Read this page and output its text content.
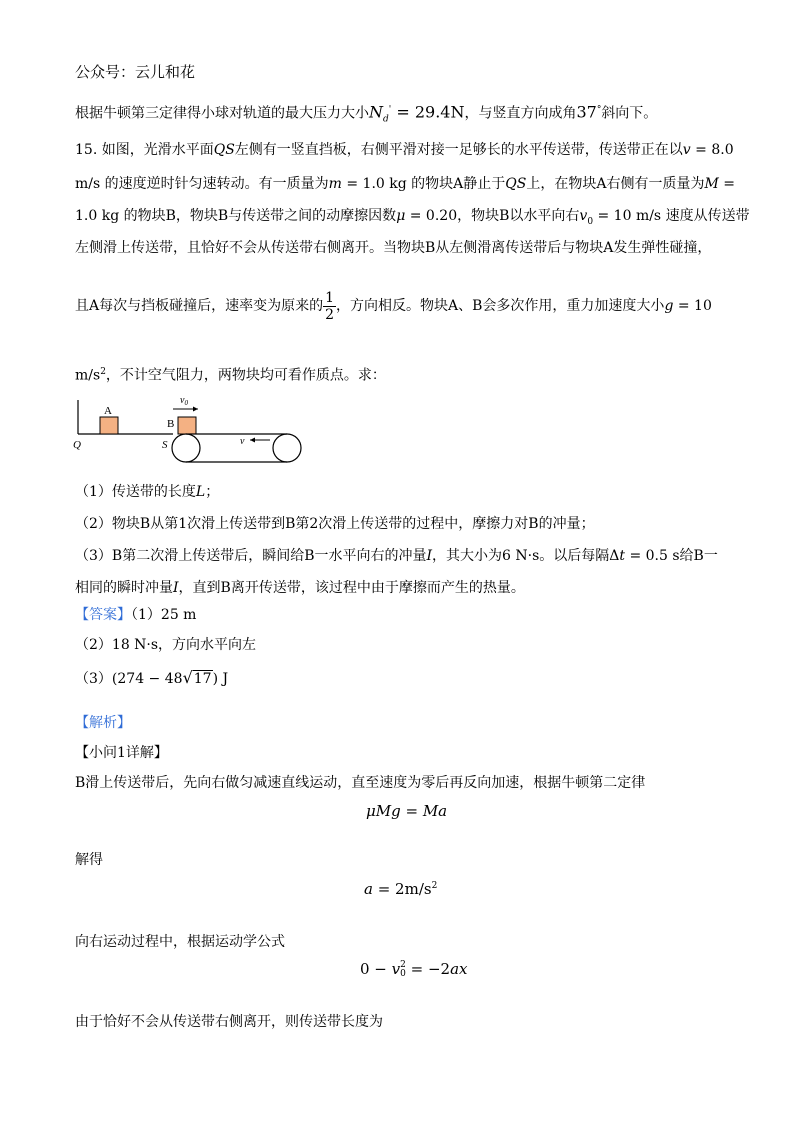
公众号：云儿和花
根据牛顿第三定律得小球对轨道的最大压力大小$N_d' = 29.4N$，与竖直方向成角37°斜向下。
15. 如图，光滑水平面QS左侧有一竖直挡板，右侧平滑对接一足够长的水平传送带，传送带正在以v = 8.0
m/s 的速度逆时针匀速转动。有一质量为m = 1.0 kg 的物块A静止于QS上，在物块A右侧有一质量为M =
1.0 kg 的物块B，物块B与传送带之间的动摩擦因数μ = 0.20，物块B以水平向右$v_0 = 10$ m/s 速度从传送带
左侧滑上传送带，且恰好不会从传送带右侧离开。当物块B从左侧滑离传送带后与物块A发生弹性碰撞，
且A每次与挡板碰撞后，速率变为原来的 $\frac{1}{2}$ ，方向相反。物块A、B会多次作用，重力加速度大小g = 10
$m/s^2$，不计空气阻力，两物块均可看作质点。求：
A
B
Q	S
$v_0$
v
（1）传送带的长度L；
（2）物块B从第1次滑上传送带到B第2次滑上传送带的过程中，摩擦力对B的冲量；
（3）B第二次滑上传送带后，瞬间给B一水平向右的冲量I，其大小为6 N·s。以后每隔Δt = 0.5 s给B一
相同的瞬时冲量I，直到B离开传送带，该过程中由于摩擦而产生的热量。
【答案】（1）25 m
（2）18 N·s，方向水平向左
（3）(274 − 48√17) J
【解析】
【小问1详解】
B滑上传送带后，先向右做匀减速直线运动，直至速度为零后再反向加速，根据牛顿第二定律
μMg = Ma
解得
$a = 2m/s^2$
向右运动过程中，根据运动学公式
0 − v 2
0 = −2ax
由于恰好不会从传送带右侧离开，则传送带长度为
